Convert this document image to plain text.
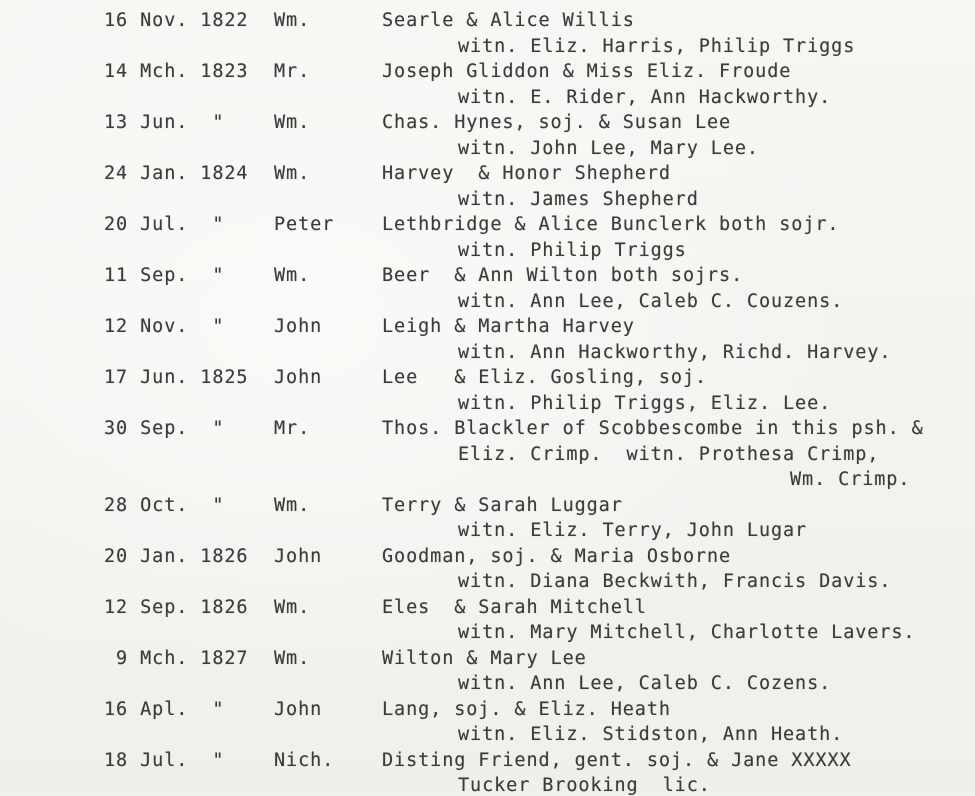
16 Nov. 1822 Wm.	Searle & Alice Willis
witn. Eliz. Harris, Philip Triggs
14 Mch. 1823 Mr.	Joseph Gliddon & Miss Eliz. Froude
witn. E. Rider, Ann Hackworthy.
13 Jun.  "	Wm.	Chas. Hynes, soj. & Susan Lee
witn. John Lee, Mary Lee.
24 Jan. 1824 Wm.	Harvey  & Honor Shepherd
witn. James Shepherd
20 Jul.  "	Peter	Lethbridge & Alice Bunclerk both sojr.
witn. Philip Triggs
11 Sep.  "	Wm.	Beer  & Ann Wilton both sojrs.
witn. Ann Lee, Caleb C. Couzens.
12 Nov.  "	John	Leigh & Martha Harvey
witn. Ann Hackworthy, Richd. Harvey.
17 Jun. 1825 John	Lee   & Eliz. Gosling, soj.
witn. Philip Triggs, Eliz. Lee.
30 Sep.  "	Mr.	Thos. Blackler of Scobbescombe in this psh. &
Eliz. Crimp.  witn. Prothesa Crimp,
Wm. Crimp.
28 Oct.  "	Wm.	Terry & Sarah Luggar
witn. Eliz. Terry, John Lugar
20 Jan. 1826 John	Goodman, soj. & Maria Osborne
witn. Diana Beckwith, Francis Davis.
12 Sep. 1826 Wm.	Eles  & Sarah Mitchell
witn. Mary Mitchell, Charlotte Lavers.
9 Mch. 1827 Wm.	Wilton & Mary Lee
witn. Ann Lee, Caleb C. Cozens.
16 Apl.  "	John	Lang, soj. & Eliz. Heath
witn. Eliz. Stidston, Ann Heath.
18 Jul.  "	Nich.	Disting Friend, gent. soj. & Jane XXXXX
Tucker Brooking  lic.
